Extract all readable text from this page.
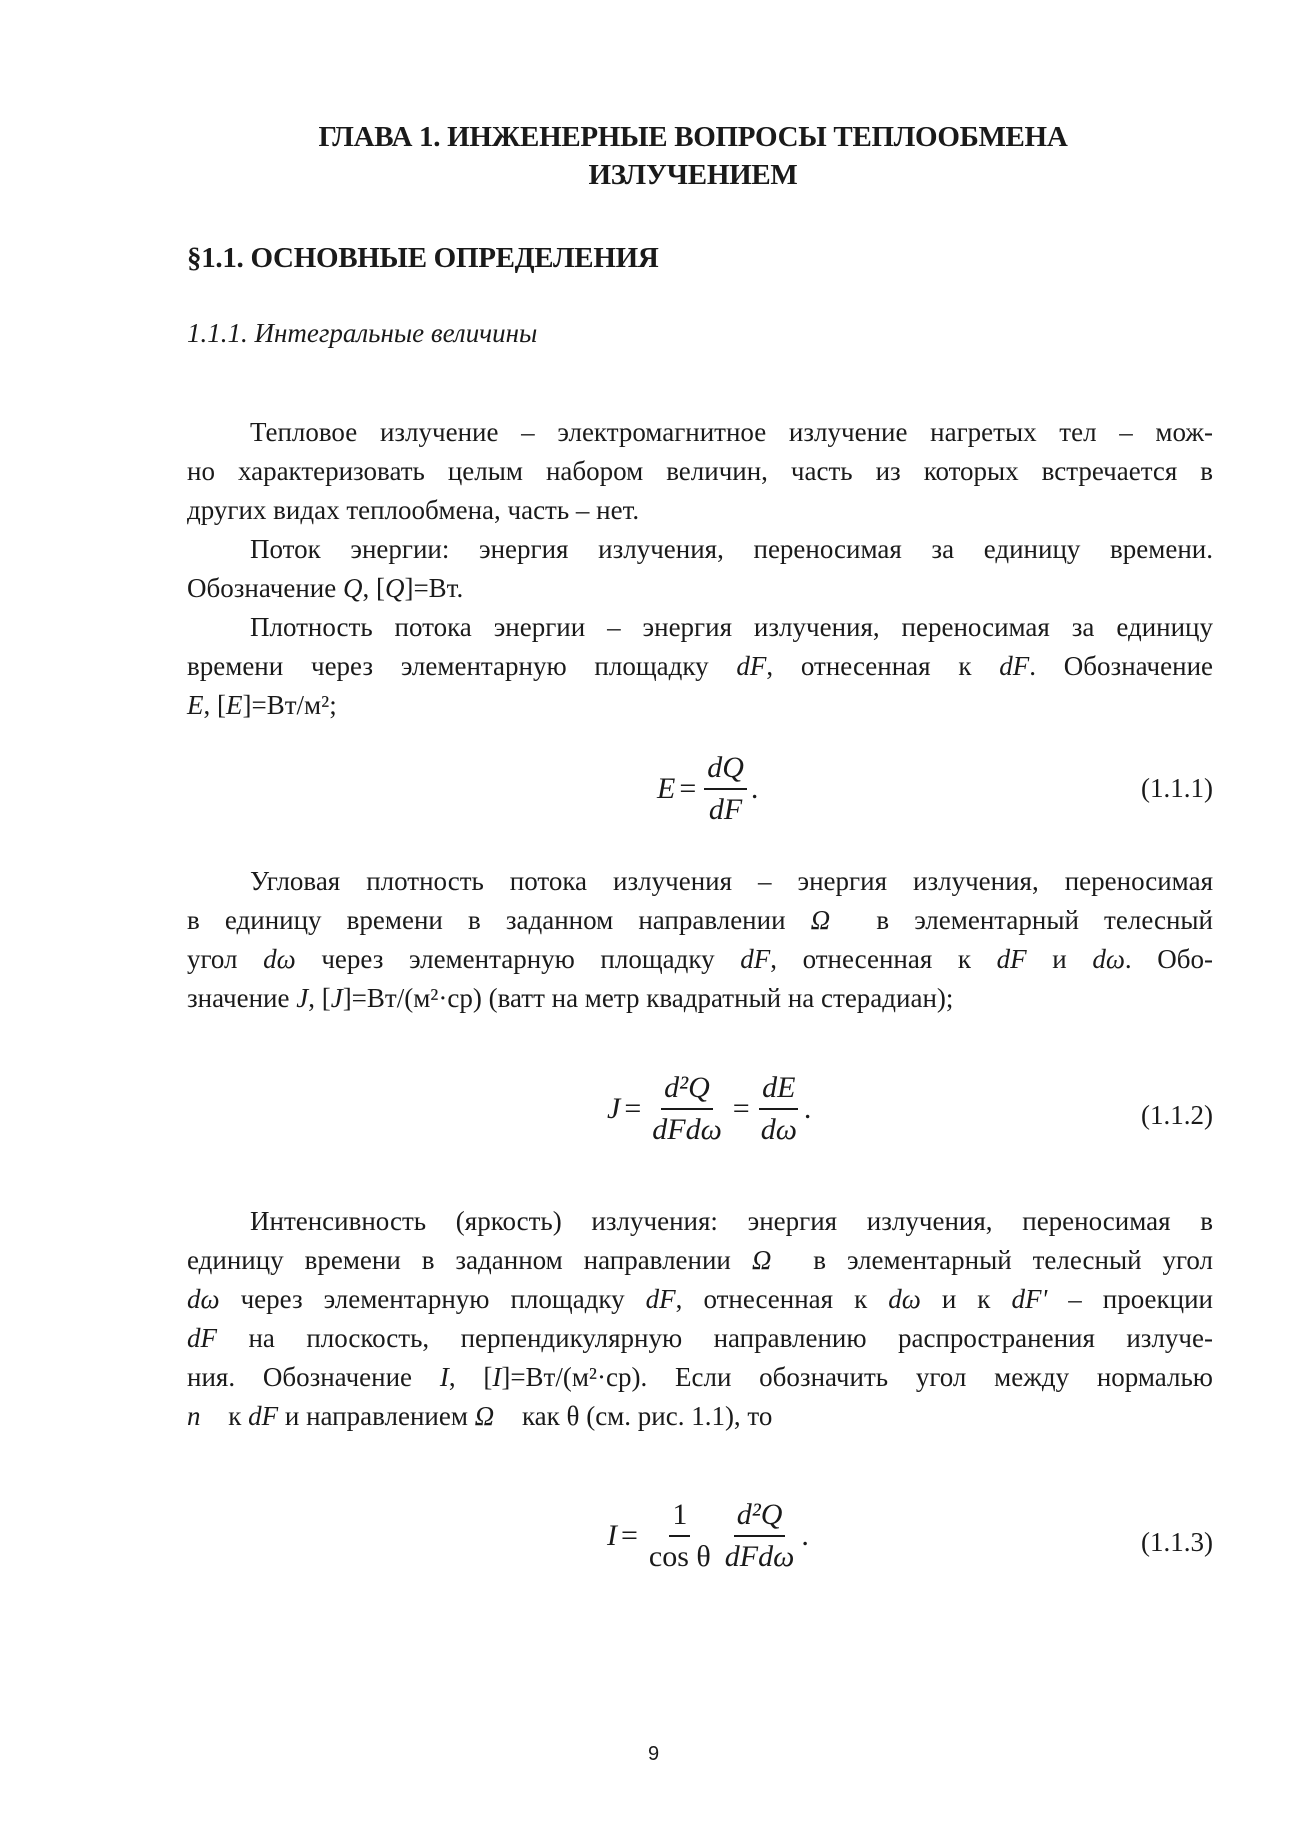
ГЛАВА 1. ИНЖЕНЕРНЫЕ ВОПРОСЫ ТЕПЛООБМЕНА
ИЗЛУЧЕНИЕМ
§1.1. ОСНОВНЫЕ ОПРЕДЕЛЕНИЯ
1.1.1. Интегральные величины
Тепловое излучение – электромагнитное излучение нагретых тел – мож-
но характеризовать целым набором величин, часть из которых встречается в
других видах теплообмена, часть – нет.
Поток энергии: энергия излучения, переносимая за единицу времени.
Обозначение Q, [Q]=Вт.
Плотность потока энергии – энергия излучения, переносимая за единицу
времени через элементарную площадку dF, отнесенная к dF. Обозначение
E, [E]=Вт/м²;
$E = \frac{dQ}{dF}$ .	(1.1.1)
Угловая плотность потока излучения – энергия излучения, переносимая
в единицу времени в заданном направлении Ω⃗ в элементарный телесный
угол dω через элементарную площадку dF, отнесенная к dF и dω. Обо-
значение J, [J]=Вт/(м²·ср) (ватт на метр квадратный на стерадиан);
$J = \frac{\text{d²Q}}{\text{dFdω}} = \frac{dE}{d\omega}$ .	(1.1.2)
Интенсивность (яркость) излучения: энергия излучения, переносимая в
единицу времени в заданном направлении Ω⃗ в элементарный телесный угол
dω через элементарную площадку dF, отнесенная к dω и к dF' – проекции
dF на плоскость, перпендикулярную направлению распространения излуче-
ния. Обозначение I, [I]=Вт/(м²·ср). Если обозначить угол между нормалью
n⃗ к dF и направлением Ω⃗ как θ (см. рис. 1.1), то
$I = \frac{1}{\text{cos θ}} \frac{\text{d²Q}}{\text{dFdω}}$ .	(1.1.3)
9
